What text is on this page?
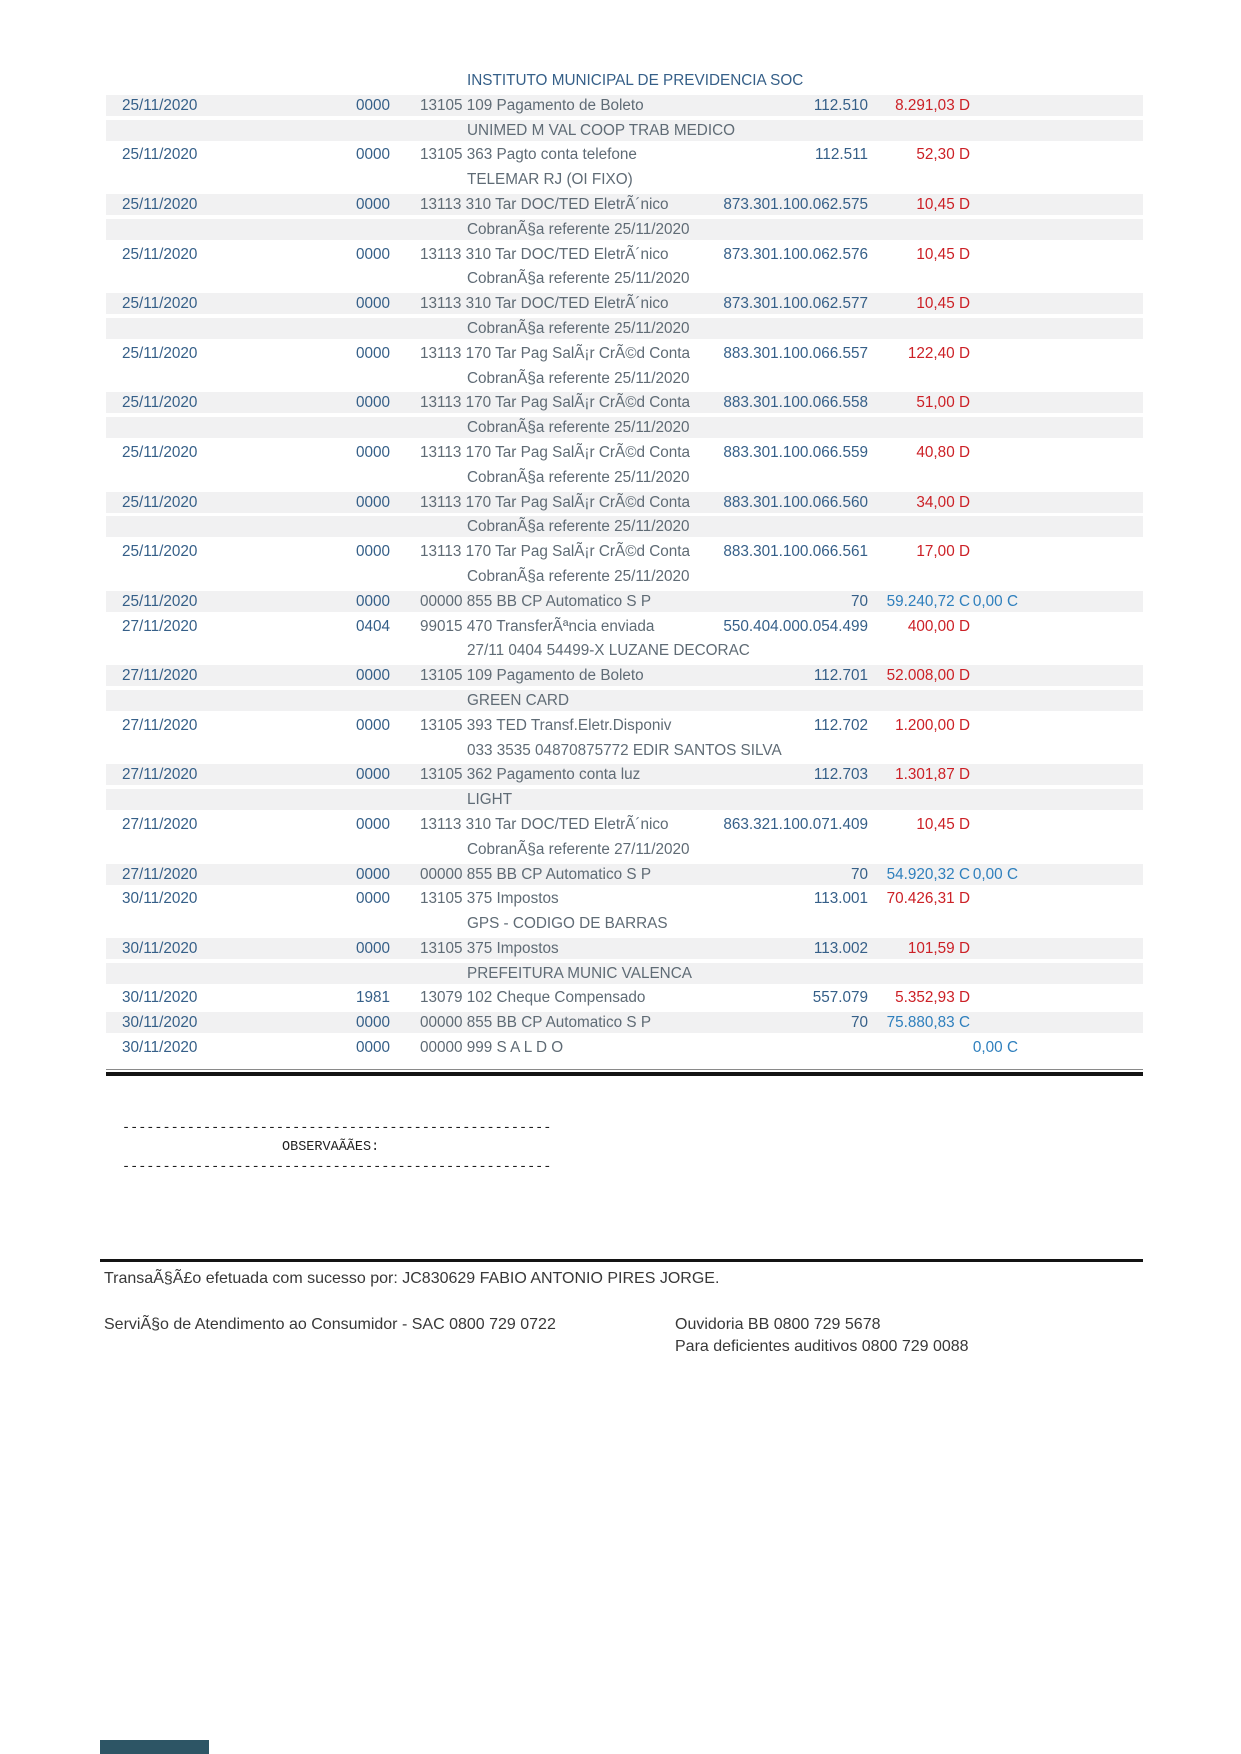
INSTITUTO MUNICIPAL DE PREVIDENCIA SOC
25/11/2020	0000 13105 109 Pagamento de Boleto	112.510 8.291,03 D
UNIMED M VAL COOP TRAB MEDICO
25/11/2020	0000 13105 363 Pagto conta telefone	112.511	52,30 D
TELEMAR RJ (OI FIXO)
25/11/2020	0000 13113 310 Tar DOC/TED EletrÃ´nico	873.301.100.062.575	10,45 D
CobranÃ§a referente 25/11/2020
25/11/2020	0000 13113 310 Tar DOC/TED EletrÃ´nico	873.301.100.062.576	10,45 D
CobranÃ§a referente 25/11/2020
25/11/2020	0000 13113 310 Tar DOC/TED EletrÃ´nico	873.301.100.062.577	10,45 D
CobranÃ§a referente 25/11/2020
25/11/2020	0000 13113 170 Tar Pag SalÃ¡r CrÃ©d Conta 883.301.100.066.557	122,40 D
CobranÃ§a referente 25/11/2020
25/11/2020	0000 13113 170 Tar Pag SalÃ¡r CrÃ©d Conta 883.301.100.066.558	51,00 D
CobranÃ§a referente 25/11/2020
25/11/2020	0000 13113 170 Tar Pag SalÃ¡r CrÃ©d Conta 883.301.100.066.559	40,80 D
CobranÃ§a referente 25/11/2020
25/11/2020	0000 13113 170 Tar Pag SalÃ¡r CrÃ©d Conta 883.301.100.066.560	34,00 D
CobranÃ§a referente 25/11/2020
25/11/2020	0000 13113 170 Tar Pag SalÃ¡r CrÃ©d Conta 883.301.100.066.561	17,00 D
CobranÃ§a referente 25/11/2020
25/11/2020	0000 00000 855 BB CP Automatico S P	70 59.240,72 C 0,00 C
27/11/2020	0404 99015 470 TransferÃªncia enviada	550.404.000.054.499	400,00 D
27/11 0404 54499-X LUZANE DECORAC
27/11/2020	0000 13105 109 Pagamento de Boleto	112.701 52.008,00 D
GREEN CARD
27/11/2020	0000 13105 393 TED Transf.Eletr.Disponiv	112.702 1.200,00 D
033 3535 04870875772 EDIR SANTOS SILVA
27/11/2020	0000 13105 362 Pagamento conta luz	112.703 1.301,87 D
LIGHT
27/11/2020	0000 13113 310 Tar DOC/TED EletrÃ´nico	863.321.100.071.409	10,45 D
CobranÃ§a referente 27/11/2020
27/11/2020	0000 00000 855 BB CP Automatico S P	70 54.920,32 C 0,00 C
30/11/2020	0000 13105 375 Impostos	113.001 70.426,31 D
GPS - CODIGO DE BARRAS
30/11/2020	0000 13105 375 Impostos	113.002	101,59 D
PREFEITURA MUNIC VALENCA
30/11/2020	1981 13079 102 Cheque Compensado	557.079 5.352,93 D
30/11/2020	0000 00000 855 BB CP Automatico S P	70 75.880,83 C
30/11/2020	0000 00000 999 S A L D O	0,00 C
-----------------------------------------------------
OBSERVAÃÃES:
-----------------------------------------------------
TransaÃ§Ã£o efetuada com sucesso por: JC830629 FABIO ANTONIO PIRES JORGE.
ServiÃ§o de Atendimento ao Consumidor - SAC 0800 729 0722	Ouvidoria BB 0800 729 5678
Para deficientes auditivos 0800 729 0088
